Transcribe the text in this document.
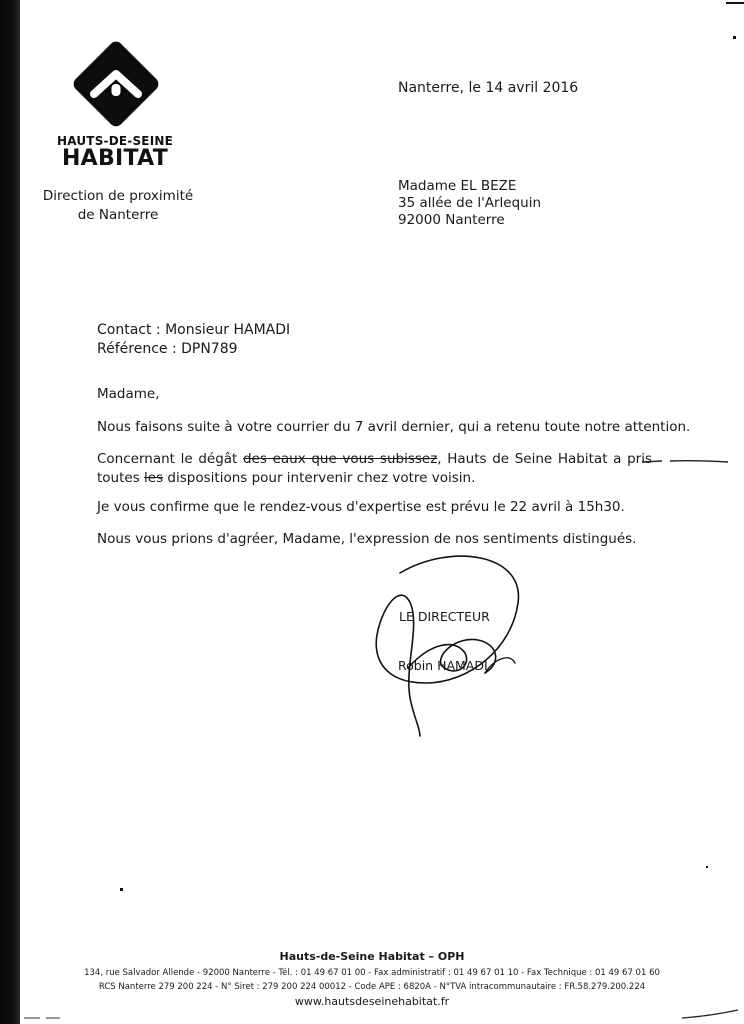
HAUTS-DE-SEINE
HABITAT
Direction de proximité
de Nanterre
Nanterre, le 14 avril 2016
Madame EL BEZE
35 allée de l'Arlequin
92000 Nanterre
Contact : Monsieur HAMADI
Référence : DPN789

Madame,

Nous faisons suite à votre courrier du 7 avril dernier, qui a retenu toute notre attention.

Concernant le dégât des eaux que vous subissez, Hauts de Seine Habitat a pris toutes les dispositions pour intervenir chez votre voisin.

Je vous confirme que le rendez-vous d'expertise est prévu le 22 avril à 15h30.

Nous vous prions d'agréer, Madame, l'expression de nos sentiments distingués.

LE DIRECTEUR
Robin HAMADI
Hauts-de-Seine Habitat – OPH
134, rue Salvador Allende - 92000 Nanterre - Tél. : 01 49 67 01 00 - Fax administratif : 01 49 67 01 10 - Fax Technique : 01 49 67 01 60
RCS Nanterre 279 200 224 - N° Siret : 279 200 224 00012 - Code APE : 6820A - N°TVA intracommunautaire : FR.58.279.200.224
www.hautsdeseinehabitat.fr
